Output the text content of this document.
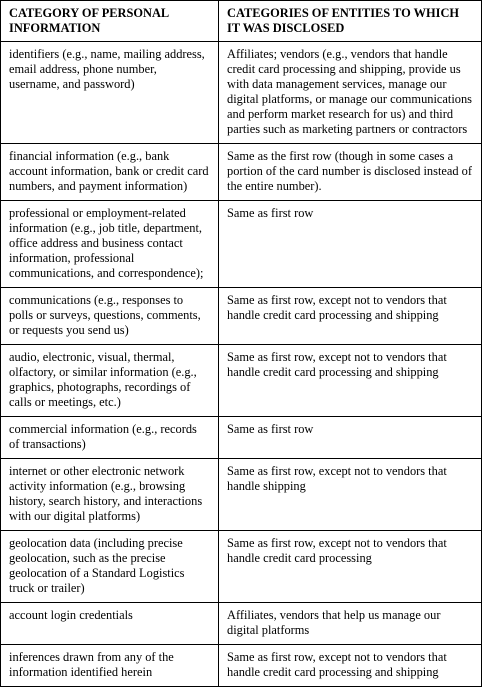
CATEGORY OF PERSONAL INFORMATION	CATEGORIES OF ENTITIES TO WHICH IT WAS DISCLOSED
identifiers (e.g., name, mailing address, email address, phone number, username, and password)	Affiliates; vendors (e.g., vendors that handle credit card processing and shipping, provide us with data management services, manage our digital platforms, or manage our communications and perform market research for us) and third parties such as marketing partners or contractors
financial information (e.g., bank account information, bank or credit card numbers, and payment information)	Same as the first row (though in some cases a portion of the card number is disclosed instead of the entire number).
professional or employment-related information (e.g., job title, department, office address and business contact information, professional communications, and correspondence);	Same as first row
communications (e.g., responses to polls or surveys, questions, comments, or requests you send us)	Same as first row, except not to vendors that handle credit card processing and shipping
audio, electronic, visual, thermal, olfactory, or similar information (e.g., graphics, photographs, recordings of calls or meetings, etc.)	Same as first row, except not to vendors that handle credit card processing and shipping
commercial information (e.g., records of transactions)	Same as first row
internet or other electronic network activity information (e.g., browsing history, search history, and interactions with our digital platforms)	Same as first row, except not to vendors that handle shipping
geolocation data (including precise geolocation, such as the precise geolocation of a Standard Logistics truck or trailer)	Same as first row, except not to vendors that handle credit card processing
account login credentials	Affiliates, vendors that help us manage our digital platforms
inferences drawn from any of the information identified herein	Same as first row, except not to vendors that handle credit card processing and shipping
